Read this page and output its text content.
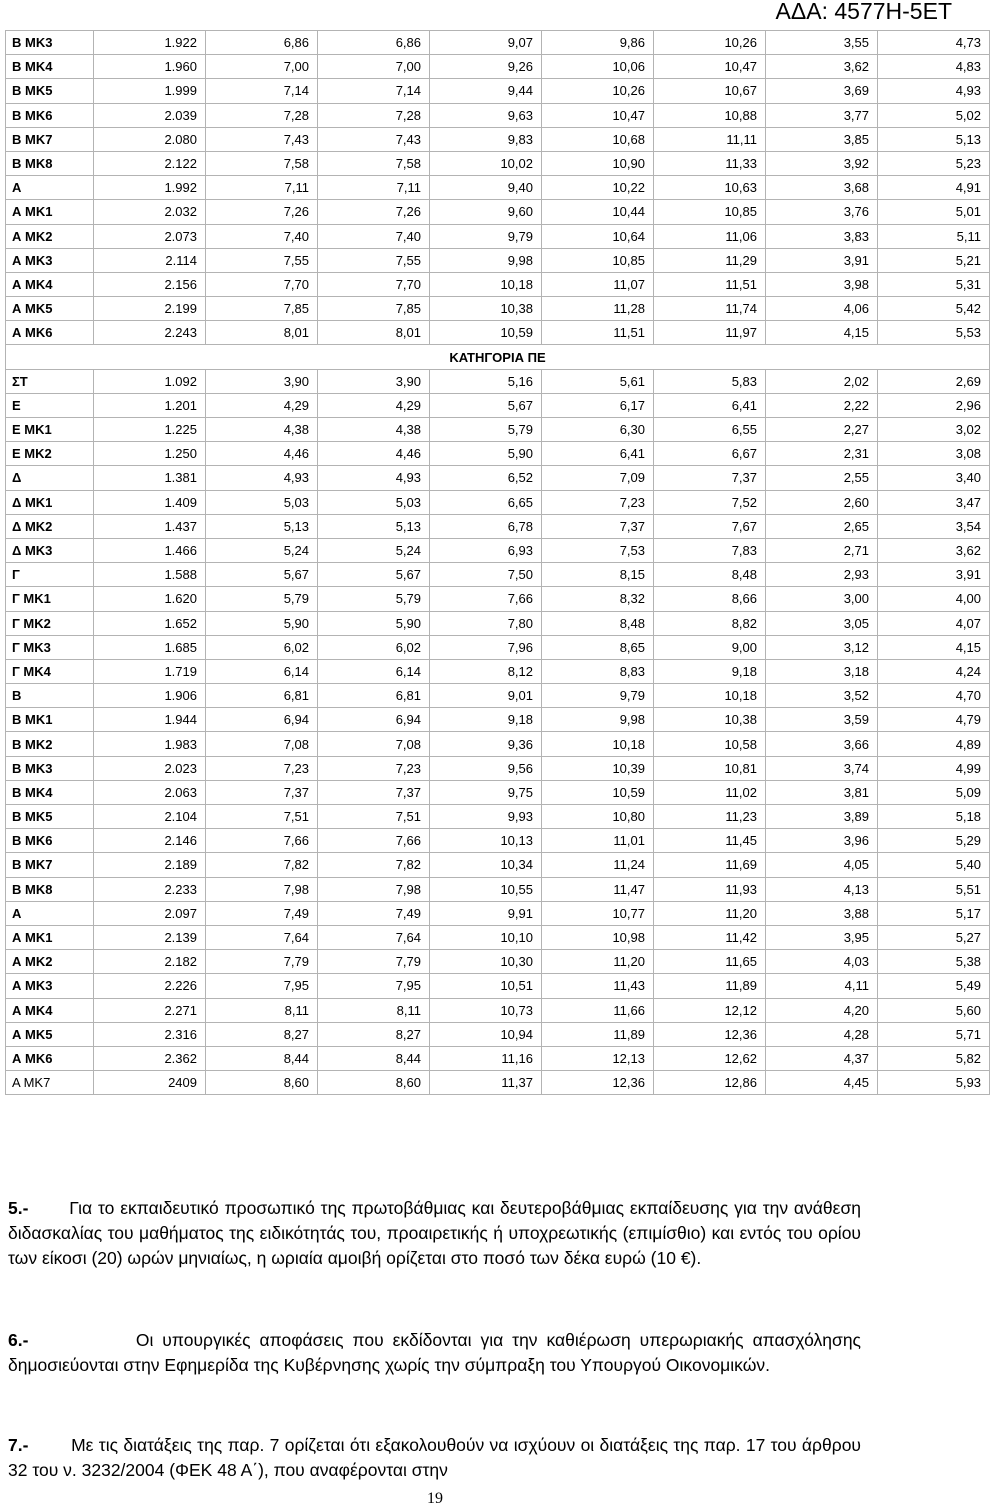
ΑΔΑ: 4577Η-5ΕΤ
Β ΜΚ3	1.922	6,86	6,86	9,07	9,86	10,26	3,55	4,73
Β ΜΚ4	1.960	7,00	7,00	9,26	10,06	10,47	3,62	4,83
Β ΜΚ5	1.999	7,14	7,14	9,44	10,26	10,67	3,69	4,93
Β ΜΚ6	2.039	7,28	7,28	9,63	10,47	10,88	3,77	5,02
Β ΜΚ7	2.080	7,43	7,43	9,83	10,68	11,11	3,85	5,13
Β ΜΚ8	2.122	7,58	7,58	10,02	10,90	11,33	3,92	5,23
Α	1.992	7,11	7,11	9,40	10,22	10,63	3,68	4,91
Α ΜΚ1	2.032	7,26	7,26	9,60	10,44	10,85	3,76	5,01
Α ΜΚ2	2.073	7,40	7,40	9,79	10,64	11,06	3,83	5,11
Α ΜΚ3	2.114	7,55	7,55	9,98	10,85	11,29	3,91	5,21
Α ΜΚ4	2.156	7,70	7,70	10,18	11,07	11,51	3,98	5,31
Α ΜΚ5	2.199	7,85	7,85	10,38	11,28	11,74	4,06	5,42
Α ΜΚ6	2.243	8,01	8,01	10,59	11,51	11,97	4,15	5,53
ΚΑΤΗΓΟΡΙΑ ΠΕ								
ΣΤ	1.092	3,90	3,90	5,16	5,61	5,83	2,02	2,69
Ε	1.201	4,29	4,29	5,67	6,17	6,41	2,22	2,96
Ε ΜΚ1	1.225	4,38	4,38	5,79	6,30	6,55	2,27	3,02
Ε ΜΚ2	1.250	4,46	4,46	5,90	6,41	6,67	2,31	3,08
Δ	1.381	4,93	4,93	6,52	7,09	7,37	2,55	3,40
Δ ΜΚ1	1.409	5,03	5,03	6,65	7,23	7,52	2,60	3,47
Δ ΜΚ2	1.437	5,13	5,13	6,78	7,37	7,67	2,65	3,54
Δ ΜΚ3	1.466	5,24	5,24	6,93	7,53	7,83	2,71	3,62
Γ	1.588	5,67	5,67	7,50	8,15	8,48	2,93	3,91
Γ ΜΚ1	1.620	5,79	5,79	7,66	8,32	8,66	3,00	4,00
Γ ΜΚ2	1.652	5,90	5,90	7,80	8,48	8,82	3,05	4,07
Γ ΜΚ3	1.685	6,02	6,02	7,96	8,65	9,00	3,12	4,15
Γ ΜΚ4	1.719	6,14	6,14	8,12	8,83	9,18	3,18	4,24
Β	1.906	6,81	6,81	9,01	9,79	10,18	3,52	4,70
Β ΜΚ1	1.944	6,94	6,94	9,18	9,98	10,38	3,59	4,79
Β ΜΚ2	1.983	7,08	7,08	9,36	10,18	10,58	3,66	4,89
Β ΜΚ3	2.023	7,23	7,23	9,56	10,39	10,81	3,74	4,99
Β ΜΚ4	2.063	7,37	7,37	9,75	10,59	11,02	3,81	5,09
Β ΜΚ5	2.104	7,51	7,51	9,93	10,80	11,23	3,89	5,18
Β ΜΚ6	2.146	7,66	7,66	10,13	11,01	11,45	3,96	5,29
Β ΜΚ7	2.189	7,82	7,82	10,34	11,24	11,69	4,05	5,40
Β ΜΚ8	2.233	7,98	7,98	10,55	11,47	11,93	4,13	5,51
Α	2.097	7,49	7,49	9,91	10,77	11,20	3,88	5,17
Α ΜΚ1	2.139	7,64	7,64	10,10	10,98	11,42	3,95	5,27
Α ΜΚ2	2.182	7,79	7,79	10,30	11,20	11,65	4,03	5,38
Α ΜΚ3	2.226	7,95	7,95	10,51	11,43	11,89	4,11	5,49
Α ΜΚ4	2.271	8,11	8,11	10,73	11,66	12,12	4,20	5,60
Α ΜΚ5	2.316	8,27	8,27	10,94	11,89	12,36	4,28	5,71
Α ΜΚ6	2.362	8,44	8,44	11,16	12,13	12,62	4,37	5,82
Α ΜΚ7	2409	8,60	8,60	11,37	12,36	12,86	4,45	5,93

5.- Για το εκπαιδευτικό προσωπικό της πρωτοβάθμιας και δευτεροβάθμιας εκπαίδευσης για την ανάθεση διδασκαλίας του μαθήματος της ειδικότητάς του, προαιρετικής ή υποχρεωτικής (επιμίσθιο) και εντός του ορίου των είκοσι (20) ωρών μηνιαίως, η ωριαία αμοιβή ορίζεται στο ποσό των δέκα ευρώ (10 €).

6.-	Οι υπουργικές αποφάσεις που εκδίδονται για την καθιέρωση υπερωριακής απασχόλησης δημοσιεύονται στην Εφημερίδα της Κυβέρνησης χωρίς την σύμπραξη του Υπουργού Οικονομικών.

7.- Με τις διατάξεις της παρ. 7 ορίζεται ότι εξακολουθούν να ισχύουν οι διατάξεις της παρ. 17 του άρθρου 32 του ν. 3232/2004 (ΦΕΚ 48 Α΄), που αναφέρονται στην

19
